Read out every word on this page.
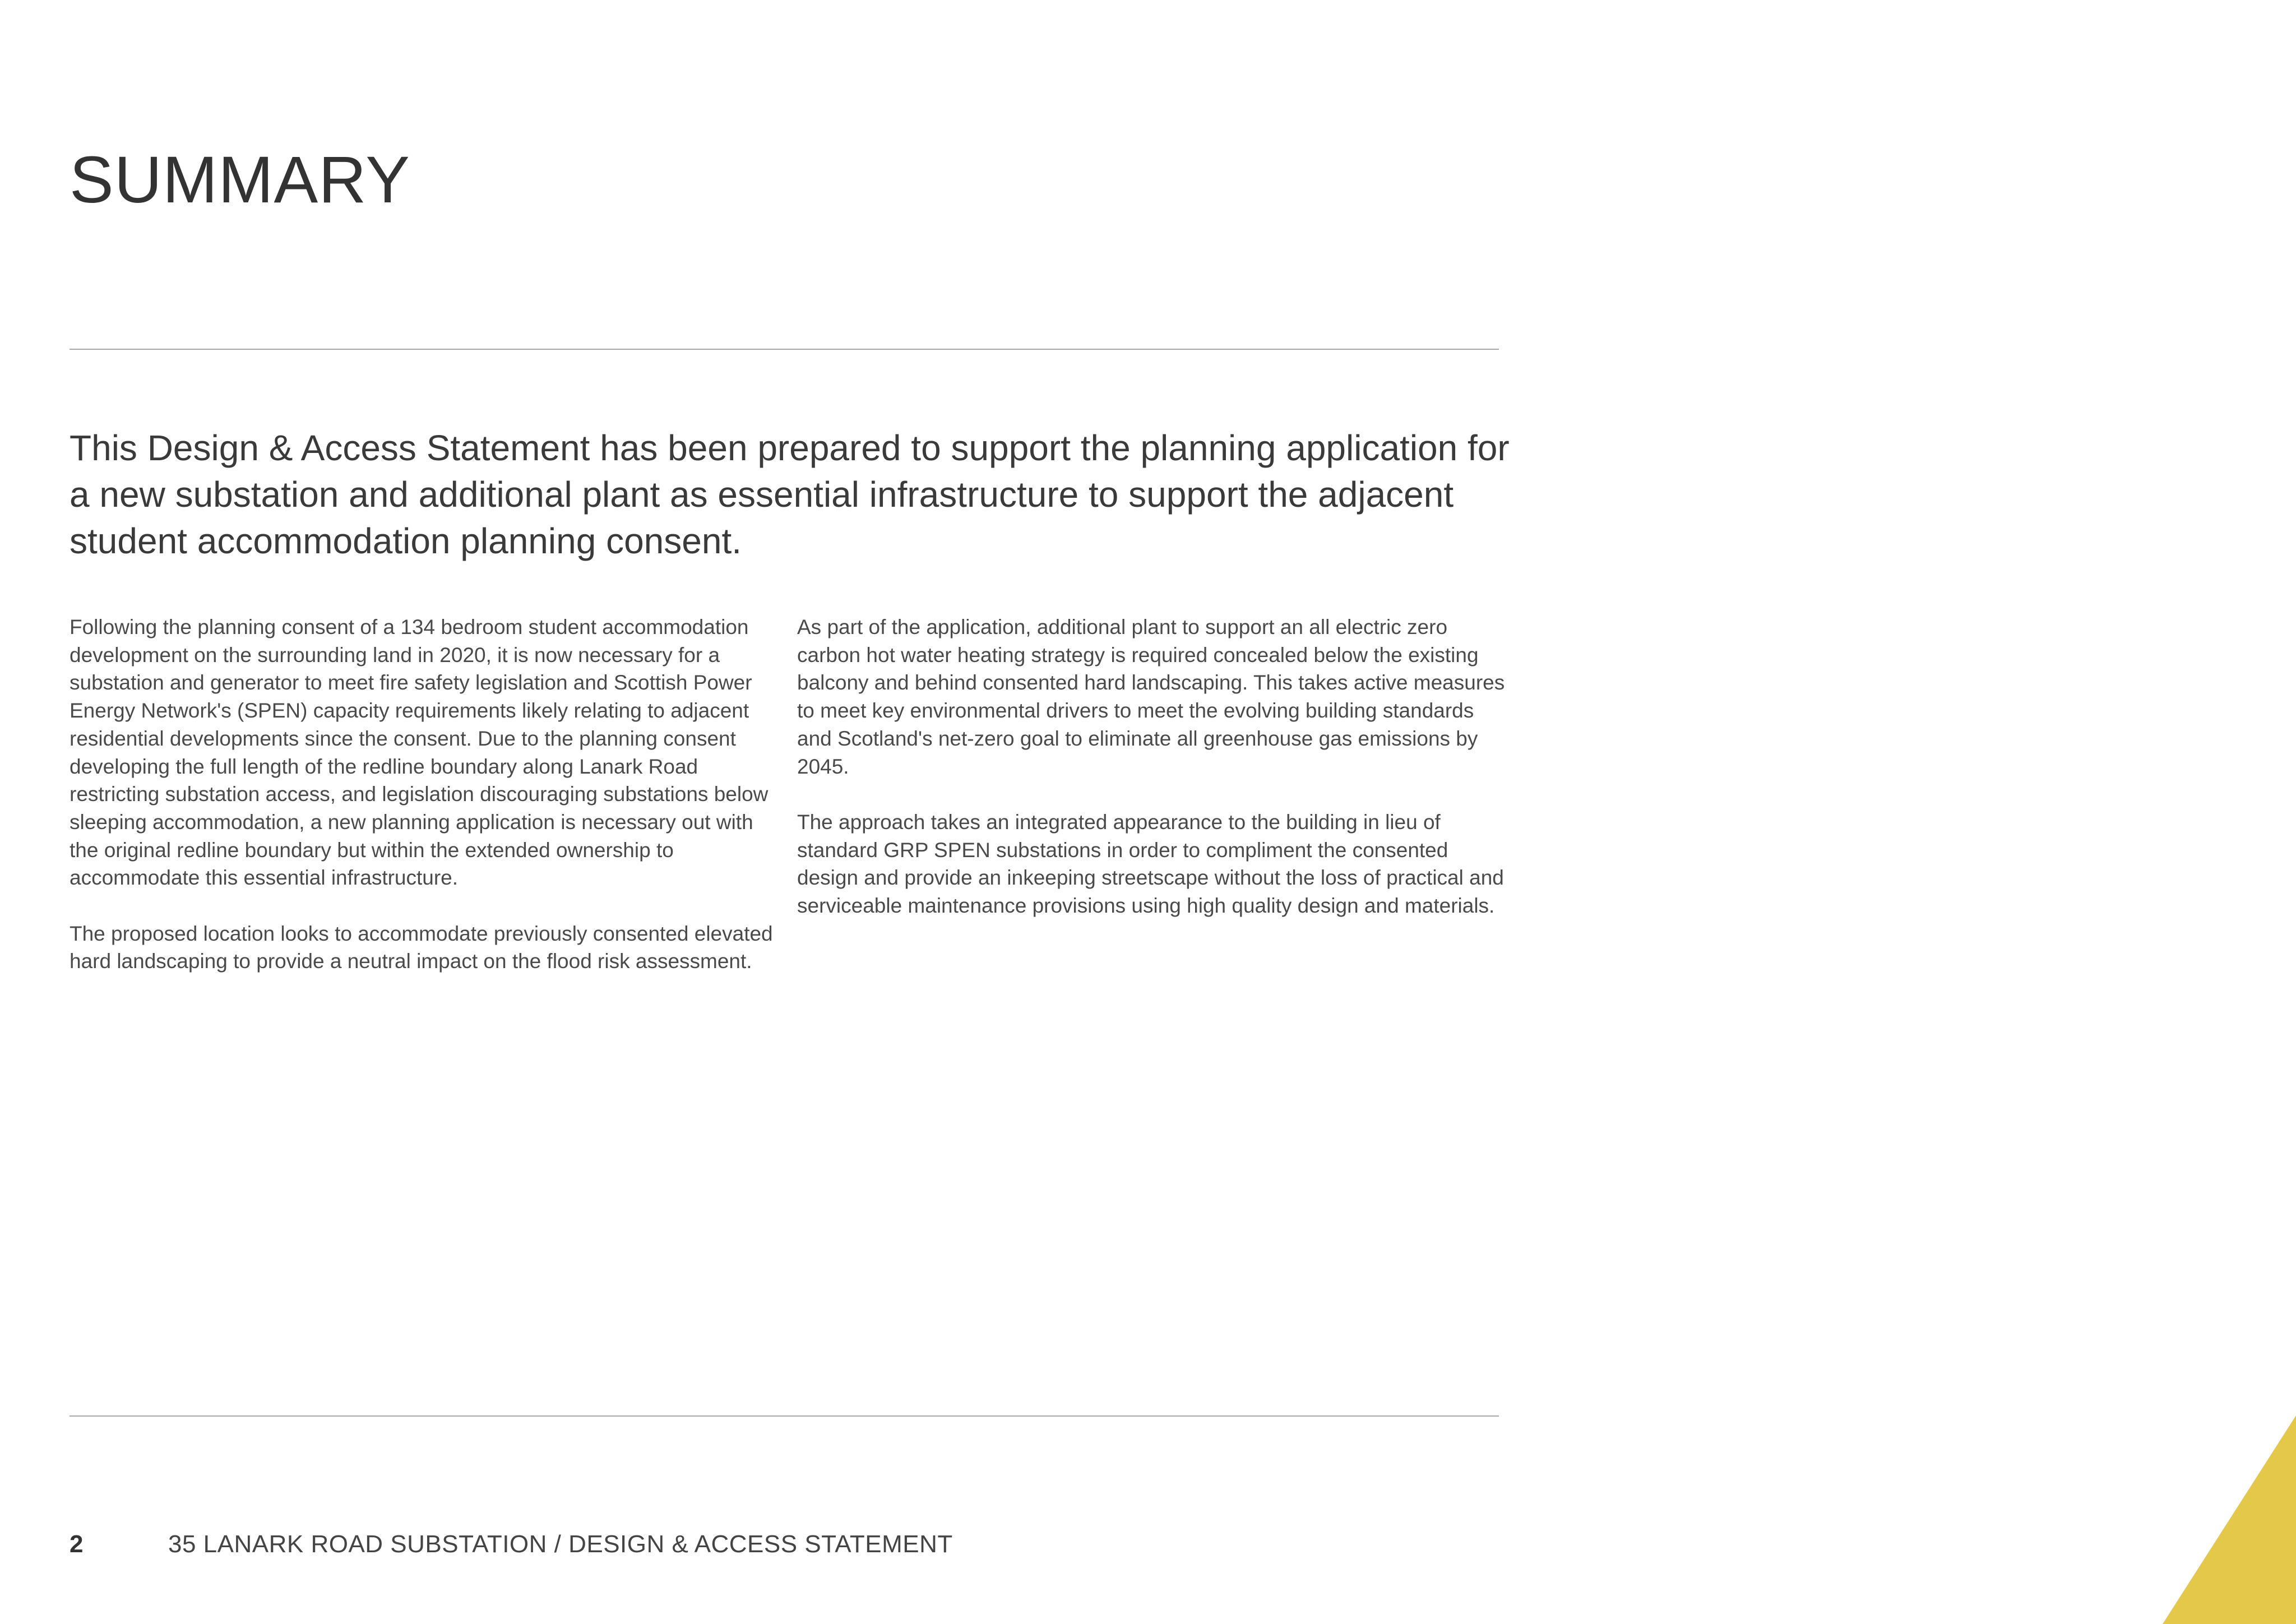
SUMMARY

This Design & Access Statement has been prepared to support the planning application for a new substation and additional plant as essential infrastructure to support the adjacent student accommodation planning consent.

Following the planning consent of a 134 bedroom student accommodation development on the surrounding land in 2020, it is now necessary for a substation and generator to meet fire safety legislation and Scottish Power Energy Network's (SPEN) capacity requirements likely relating to adjacent residential developments since the consent. Due to the planning consent developing the full length of the redline boundary along Lanark Road restricting substation access, and legislation discouraging substations below sleeping accommodation, a new planning application is necessary out with the original redline boundary but within the extended ownership to accommodate this essential infrastructure.

The proposed location looks to accommodate previously consented elevated hard landscaping to provide a neutral impact on the flood risk assessment.

As part of the application, additional plant to support an all electric zero carbon hot water heating strategy is required concealed below the existing balcony and behind consented hard landscaping. This takes active measures to meet key environmental drivers to meet the evolving building standards and Scotland's net-zero goal to eliminate all greenhouse gas emissions by 2045.

The approach takes an integrated appearance to the building in lieu of standard GRP SPEN substations in order to compliment the consented design and provide an inkeeping streetscape without the loss of practical and serviceable maintenance provisions using high quality design and materials.

2	35 LANARK ROAD SUBSTATION / DESIGN & ACCESS STATEMENT
